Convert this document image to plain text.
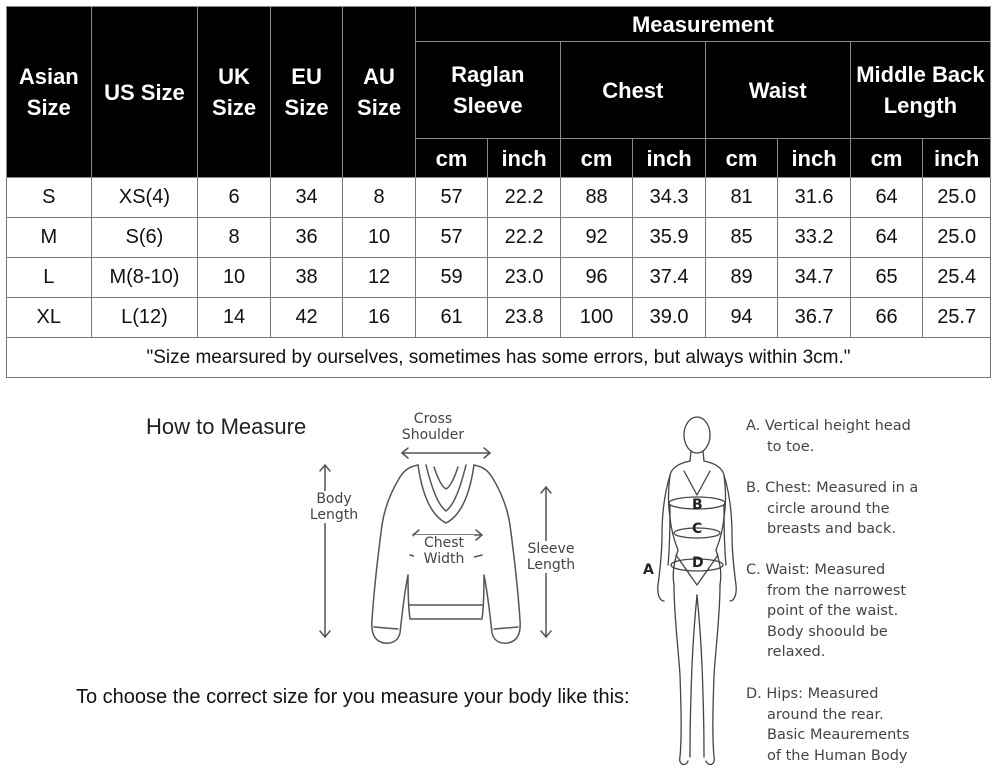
Asian Size	US Size	UK Size	EU Size	AU Size	Measurement							
					Raglan Sleeve		Chest		Waist		Middle Back Length	
					cm	inch	cm	inch	cm	inch	cm	inch
S	XS(4)	6	34	8	57	22.2	88	34.3	81	31.6	64	25.0
M	S(6)	8	36	10	57	22.2	92	35.9	85	33.2	64	25.0
L	M(8-10)	10	38	12	59	23.0	96	37.4	89	34.7	65	25.4
XL	L(12)	14	42	16	61	23.8	100	39.0	94	36.7	66	25.7
"Size mearsured by ourselves, sometimes has some errors, but always within 3cm."												
How to Measure
To choose the correct size for you measure your body like this:
Cross
Shoulder
Body
Length
Chest
Width
Sleeve
Length
B
C
D
A
A. Vertical height head
to toe.
B. Chest: Measured in a
circle around the
breasts and back.
C. Waist: Measured
from the narrowest
point of the waist.
Body shoould be
relaxed.
D. Hips: Measured
around the rear.
Basic Meaurements
of the Human Body
